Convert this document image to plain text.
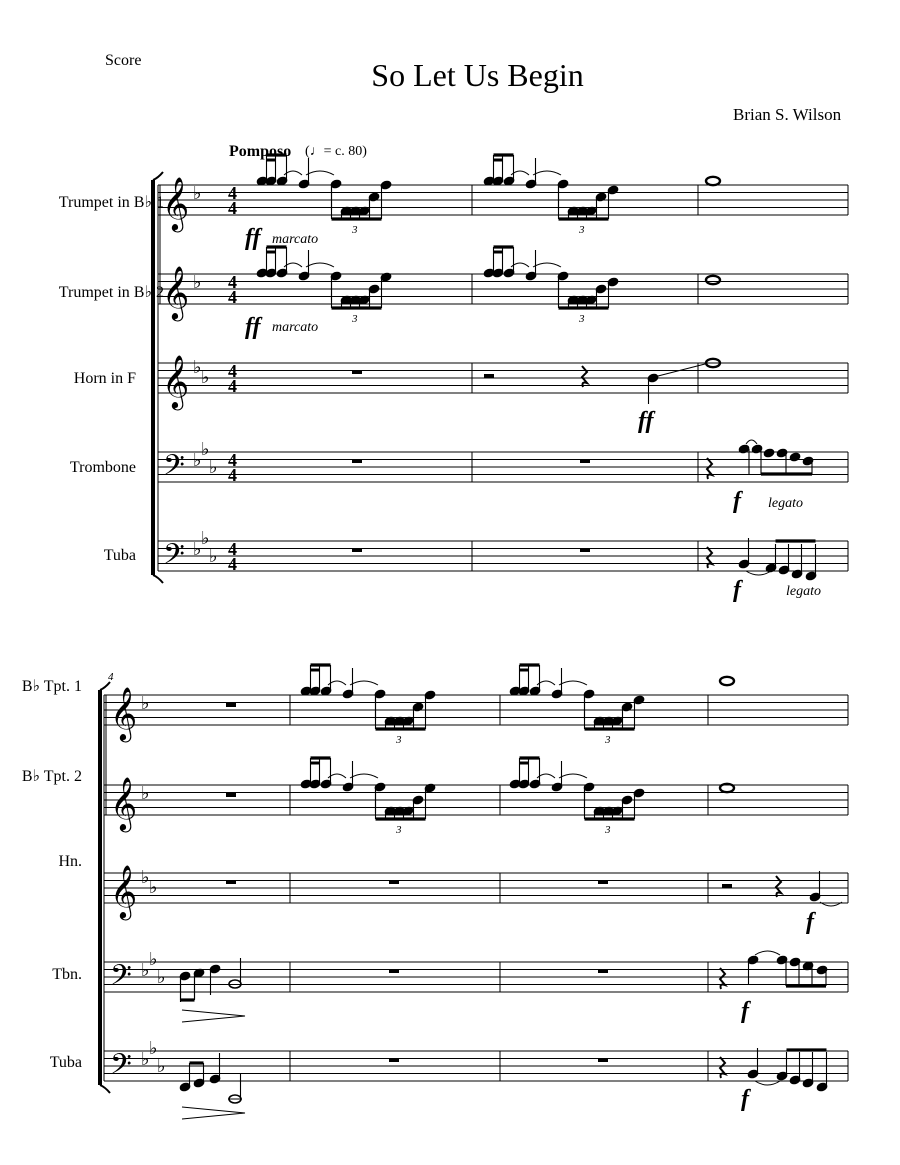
Score	So Let Us Begin
Brian S. Wilson
Pomposo (♩= c. 80)
Trumpet in B♭ 1
Trumpet in B♭ 2
Horn in F
Trombone
Tuba
B♭ Tpt. 1
B♭ Tpt. 2
Hn.
Tbn.
Tuba
𝄞 ♭ 4
4
𝄞 ♭ 4
4
𝄞 ♭ ♭ 4
4
𝄢 ♭
♭
♭ 4
4
𝄢 ♭
♭
♭ 4
4
3	3
3	3
4
𝄞 ♭
𝄞 ♭
𝄞 ♭ ♭
𝄢 ♭
♭
♭
𝄢 ♭
♭
♭
3	3
3	3
ff marcato
ff marcato
ff
f legato
f	legato
f
f
f
